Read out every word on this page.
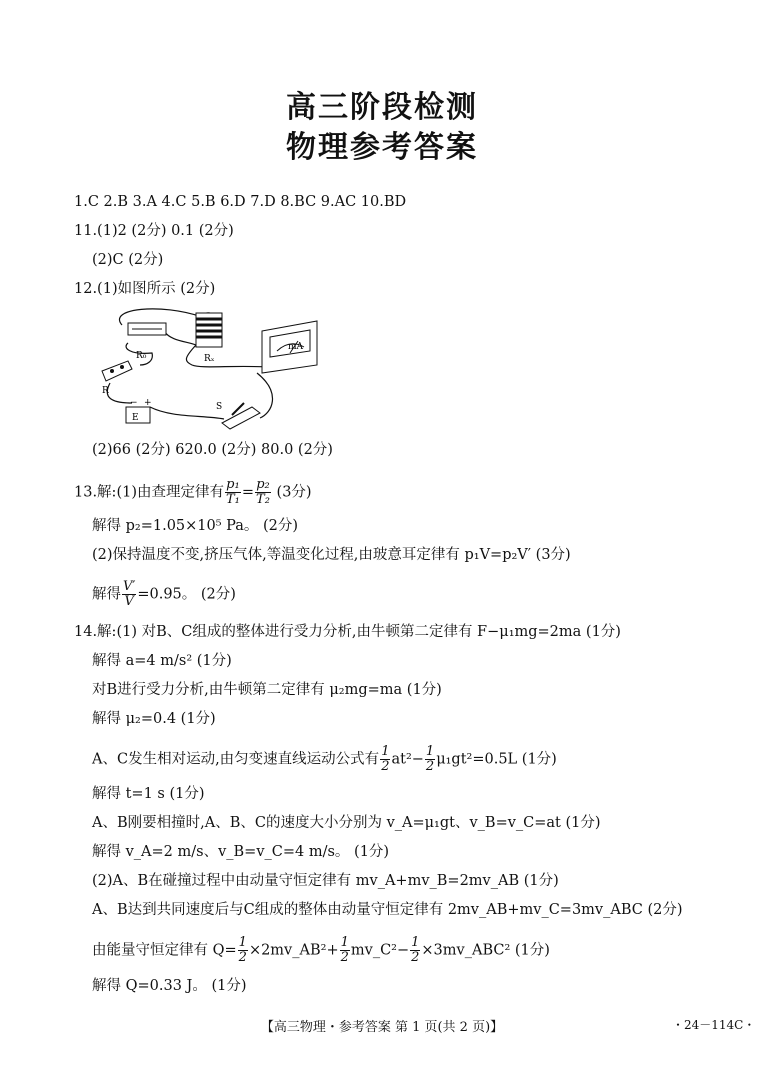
高三阶段检测
物理参考答案
1.C 2.B 3.A 4.C 5.B 6.D 7.D 8.BC 9.AC 10.BD
11.(1)2 (2分) 0.1 (2分)
(2)C (2分)
12.(1)如图所示 (2分)
R₀	Rₓ
mA
R
− +
E
S
(2)66 (2分) 620.0 (2分) 80.0 (2分)
13.解:(1)由查理定律有 $\frac{\text{p₁}}{\text{T₁}} = \frac{\text{p₂}}{\text{T₂}} (3$分)
解得 p₂=1.05×10⁵ Pa。 (2分)
(2)保持温度不变,挤压气体,等温变化过程,由玻意耳定律有 p₁V=p₂V′ (3分)
解得 $\frac{V'}{V} =0.95$。 (2分)
14.解:(1) 对B、C组成的整体进行受力分析,由牛顿第二定律有 F−μ₁mg=2ma (1分)
解得 a=4 m/s² (1分)
对B进行受力分析,由牛顿第二定律有 μ₂mg=ma (1分)
解得 μ₂=0.4 (1分)
A、C发生相对运动,由匀变速直线运动公式有 $\frac{1}{2} at^2- \frac{1}{2} \mu_1gt^2=0.5L$ (1分)
解得 t=1 s (1分)
A、B刚要相撞时,A、B、C的速度大小分别为 v_A=μ₁gt、v_B=v_C=at (1分)
解得 v_A=2 m/s、v_B=v_C=4 m/s。 (1分)
(2)A、B在碰撞过程中由动量守恒定律有 mv_A+mv_B=2mv_AB (1分)
A、B达到共同速度后与C组成的整体由动量守恒定律有 2mv_AB+mv_C=3mv_ABC (2分)
由能量守恒定律有 $Q= \frac{1}{2}$ ×2mv_AB²+ $\frac{1}{2}$ mv_C²− $\frac{1}{2}$ ×3mv_ABC² (1分)
解得 Q=0.33 J。 (1分)
【高三物理・参考答案 第 1 页(共 2 页)】	・24－114C・
